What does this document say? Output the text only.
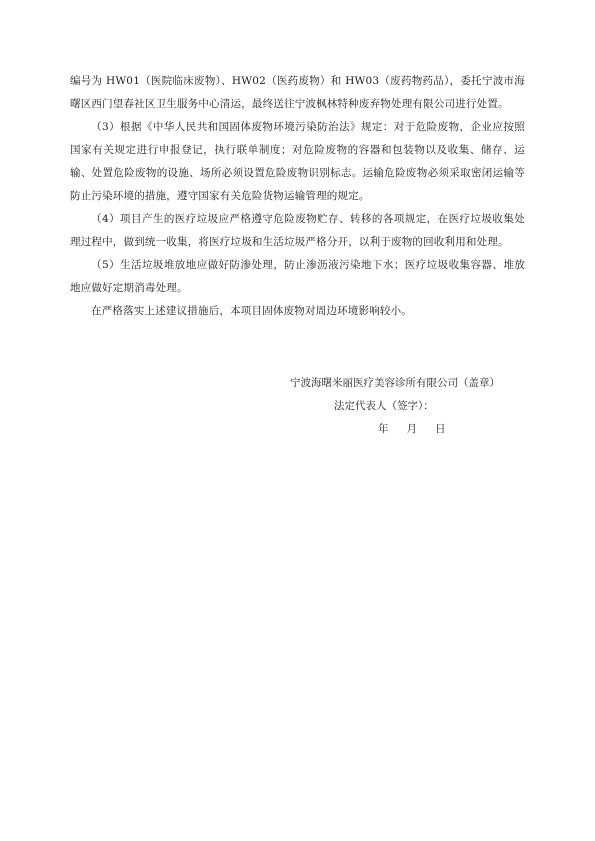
编号为 HW01（医院临床废物）、HW02（医药废物）和 HW03（废药物药品），委托宁波市海曙区西门望春社区卫生服务中心清运，最终送往宁波枫林特种废弃物处理有限公司进行处置。

（3）根据《中华人民共和国固体废物环境污染防治法》规定：对于危险废物，企业应按照国家有关规定进行申报登记，执行联单制度；对危险废物的容器和包装物以及收集、储存、运输、处置危险废物的设施、场所必须设置危险废物识别标志。运输危险废物必须采取密闭运输等防止污染环境的措施，遵守国家有关危险货物运输管理的规定。

（4）项目产生的医疗垃圾应严格遵守危险废物贮存、转移的各项规定，在医疗垃圾收集处理过程中，做到统一收集，将医疗垃圾和生活垃圾严格分开，以利于废物的回收利用和处理。

（5）生活垃圾堆放地应做好防渗处理，防止渗沥液污染地下水；医疗垃圾收集容器、堆放地应做好定期消毒处理。

在严格落实上述建议措施后，本项目固体废物对周边环境影响较小。

宁波海曙米丽医疗美容诊所有限公司（盖章）
法定代表人（签字）：
年 月 日
